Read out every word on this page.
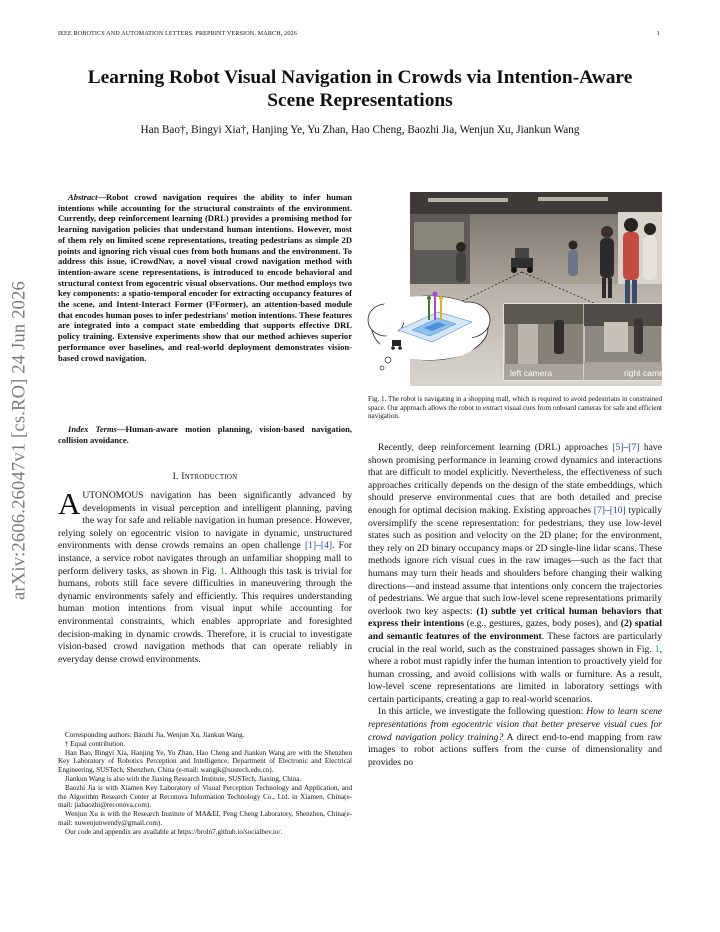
IEEE ROBOTICS AND AUTOMATION LETTERS. PREPRINT VERSION. MARCH, 2026	1
arXiv:2606.26047v1 [cs.RO] 24 Jun 2026
Learning Robot Visual Navigation in Crowds via Intention-Aware
Scene Representations
Han Bao†, Bingyi Xia†, Hanjing Ye, Yu Zhan, Hao Cheng, Baozhi Jia, Wenjun Xu, Jiankun Wang
Abstract—Robot crowd navigation requires the ability to infer human intentions while accounting for the structural constraints of the environment. Currently, deep reinforcement learning (DRL) provides a promising method for learning navigation policies that understand human intentions. However, most of them rely on limited scene representations, treating pedestrians as simple 2D points and ignoring rich visual cues from both humans and the environment. To address this issue, iCrowdNav, a novel visual crowd navigation method with intention-aware scene representations, is introduced to encode behavioral and structural context from egocentric visual observations. Our method employs two key components: a spatio-temporal encoder for extracting occupancy features of the scene, and Intent-Interact Former (I²Former), an attention-based module that encodes human poses to infer pedestrians' motion intentions. These features are integrated into a compact state embedding that supports effective DRL policy training. Extensive experiments show that our method achieves superior performance over baselines, and real-world deployment demonstrates vision-based crowd navigation.
Index Terms—Human-aware motion planning, vision-based navigation, collision avoidance.
I. Introduction
AUTONOMOUS navigation has been significantly advanced by developments in visual perception and intelligent planning, paving the way for safe and reliable navigation in human presence. However, relying solely on egocentric vision to navigate in dynamic, unstructured environments with dense crowds remains an open challenge [1]–[4]. For instance, a service robot navigates through an unfamiliar shopping mall to perform delivery tasks, as shown in Fig. 1. Although this task is trivial for humans, robots still face severe difficulties in maneuvering through the dynamic environments safely and efficiently. This requires understanding human motion intentions from visual input while accounting for environmental constraints, which enables appropriate and foresighted decision-making in dynamic crowds. Therefore, it is crucial to investigate vision-based crowd navigation methods that can operate reliably in everyday dense crowd environments.

Corresponding authors: Baozhi Jia, Wenjun Xu, Jiankun Wang.

† Equal contribution.

Han Bao, Bingyi Xia, Hanjing Ye, Yu Zhan, Hao Cheng and Jiankun Wang are with the Shenzhen Key Laboratory of Robotics Perception and Intelligence, Department of Electronic and Electrical Engineering, SUSTech, Shenzhen, China (e-mail: wangjk@sustech.edu.cn).

Jiankun Wang is also with the Jiaxing Research Institute, SUSTech, Jiaxing, China.

Baozhi Jia is with Xiamen Key Laboratory of Visual Perception Technology and Application, and the Algorithm Research Center at Reconova Information Technology Co., Ltd. in Xiamen, China(e-mail: jiabaozhi@reconova.com).

Wenjun Xu is with the Research Institute of MA&EI, Peng Cheng Laboratory, Shenzhen, China(e-mail: xuwenjunwendy@gmail.com).

Our code and appendix are available at https://broln7.github.io/socialbev.io/.

left camera	right camera
Fig. 1. The robot is navigating in a shopping mall, which is required to avoid pedestrians in constrained space. Our approach allows the robot to extract visual cues from onboard cameras for safe and efficient navigation.

Recently, deep reinforcement learning (DRL) approaches [5]–[7] have shown promising performance in learning crowd dynamics and interactions that are difficult to model explicitly. Nevertheless, the effectiveness of such approaches critically depends on the design of the state embeddings, which should preserve environmental cues that are both detailed and precise enough for optimal decision making. Existing approaches [7]–[10] typically oversimplify the scene representation: for pedestrians, they use low-level states such as position and velocity on the 2D plane; for the environment, they rely on 2D binary occupancy maps or 2D single-line lidar scans. These methods ignore rich visual cues in the raw images—such as the fact that humans may turn their heads and shoulders before changing their walking directions—and instead assume that intentions only concern the trajectories of pedestrians. We argue that such low-level scene representations primarily overlook two key aspects: (1) subtle yet critical human behaviors that express their intentions (e.g., gestures, gazes, body poses), and (2) spatial and semantic features of the environment. These factors are particularly crucial in the real world, such as the constrained passages shown in Fig. 1, where a robot must rapidly infer the human intention to proactively yield for human crossing, and avoid collisions with walls or furniture. As a result, low-level scene representations are limited in laboratory settings with certain participants, creating a gap to real-world scenarios.

In this article, we investigate the following question: How to learn scene representations from egocentric vision that better preserve visual cues for crowd navigation policy training? A direct end-to-end mapping from raw images to robot actions suffers from the curse of dimensionality and provides no
